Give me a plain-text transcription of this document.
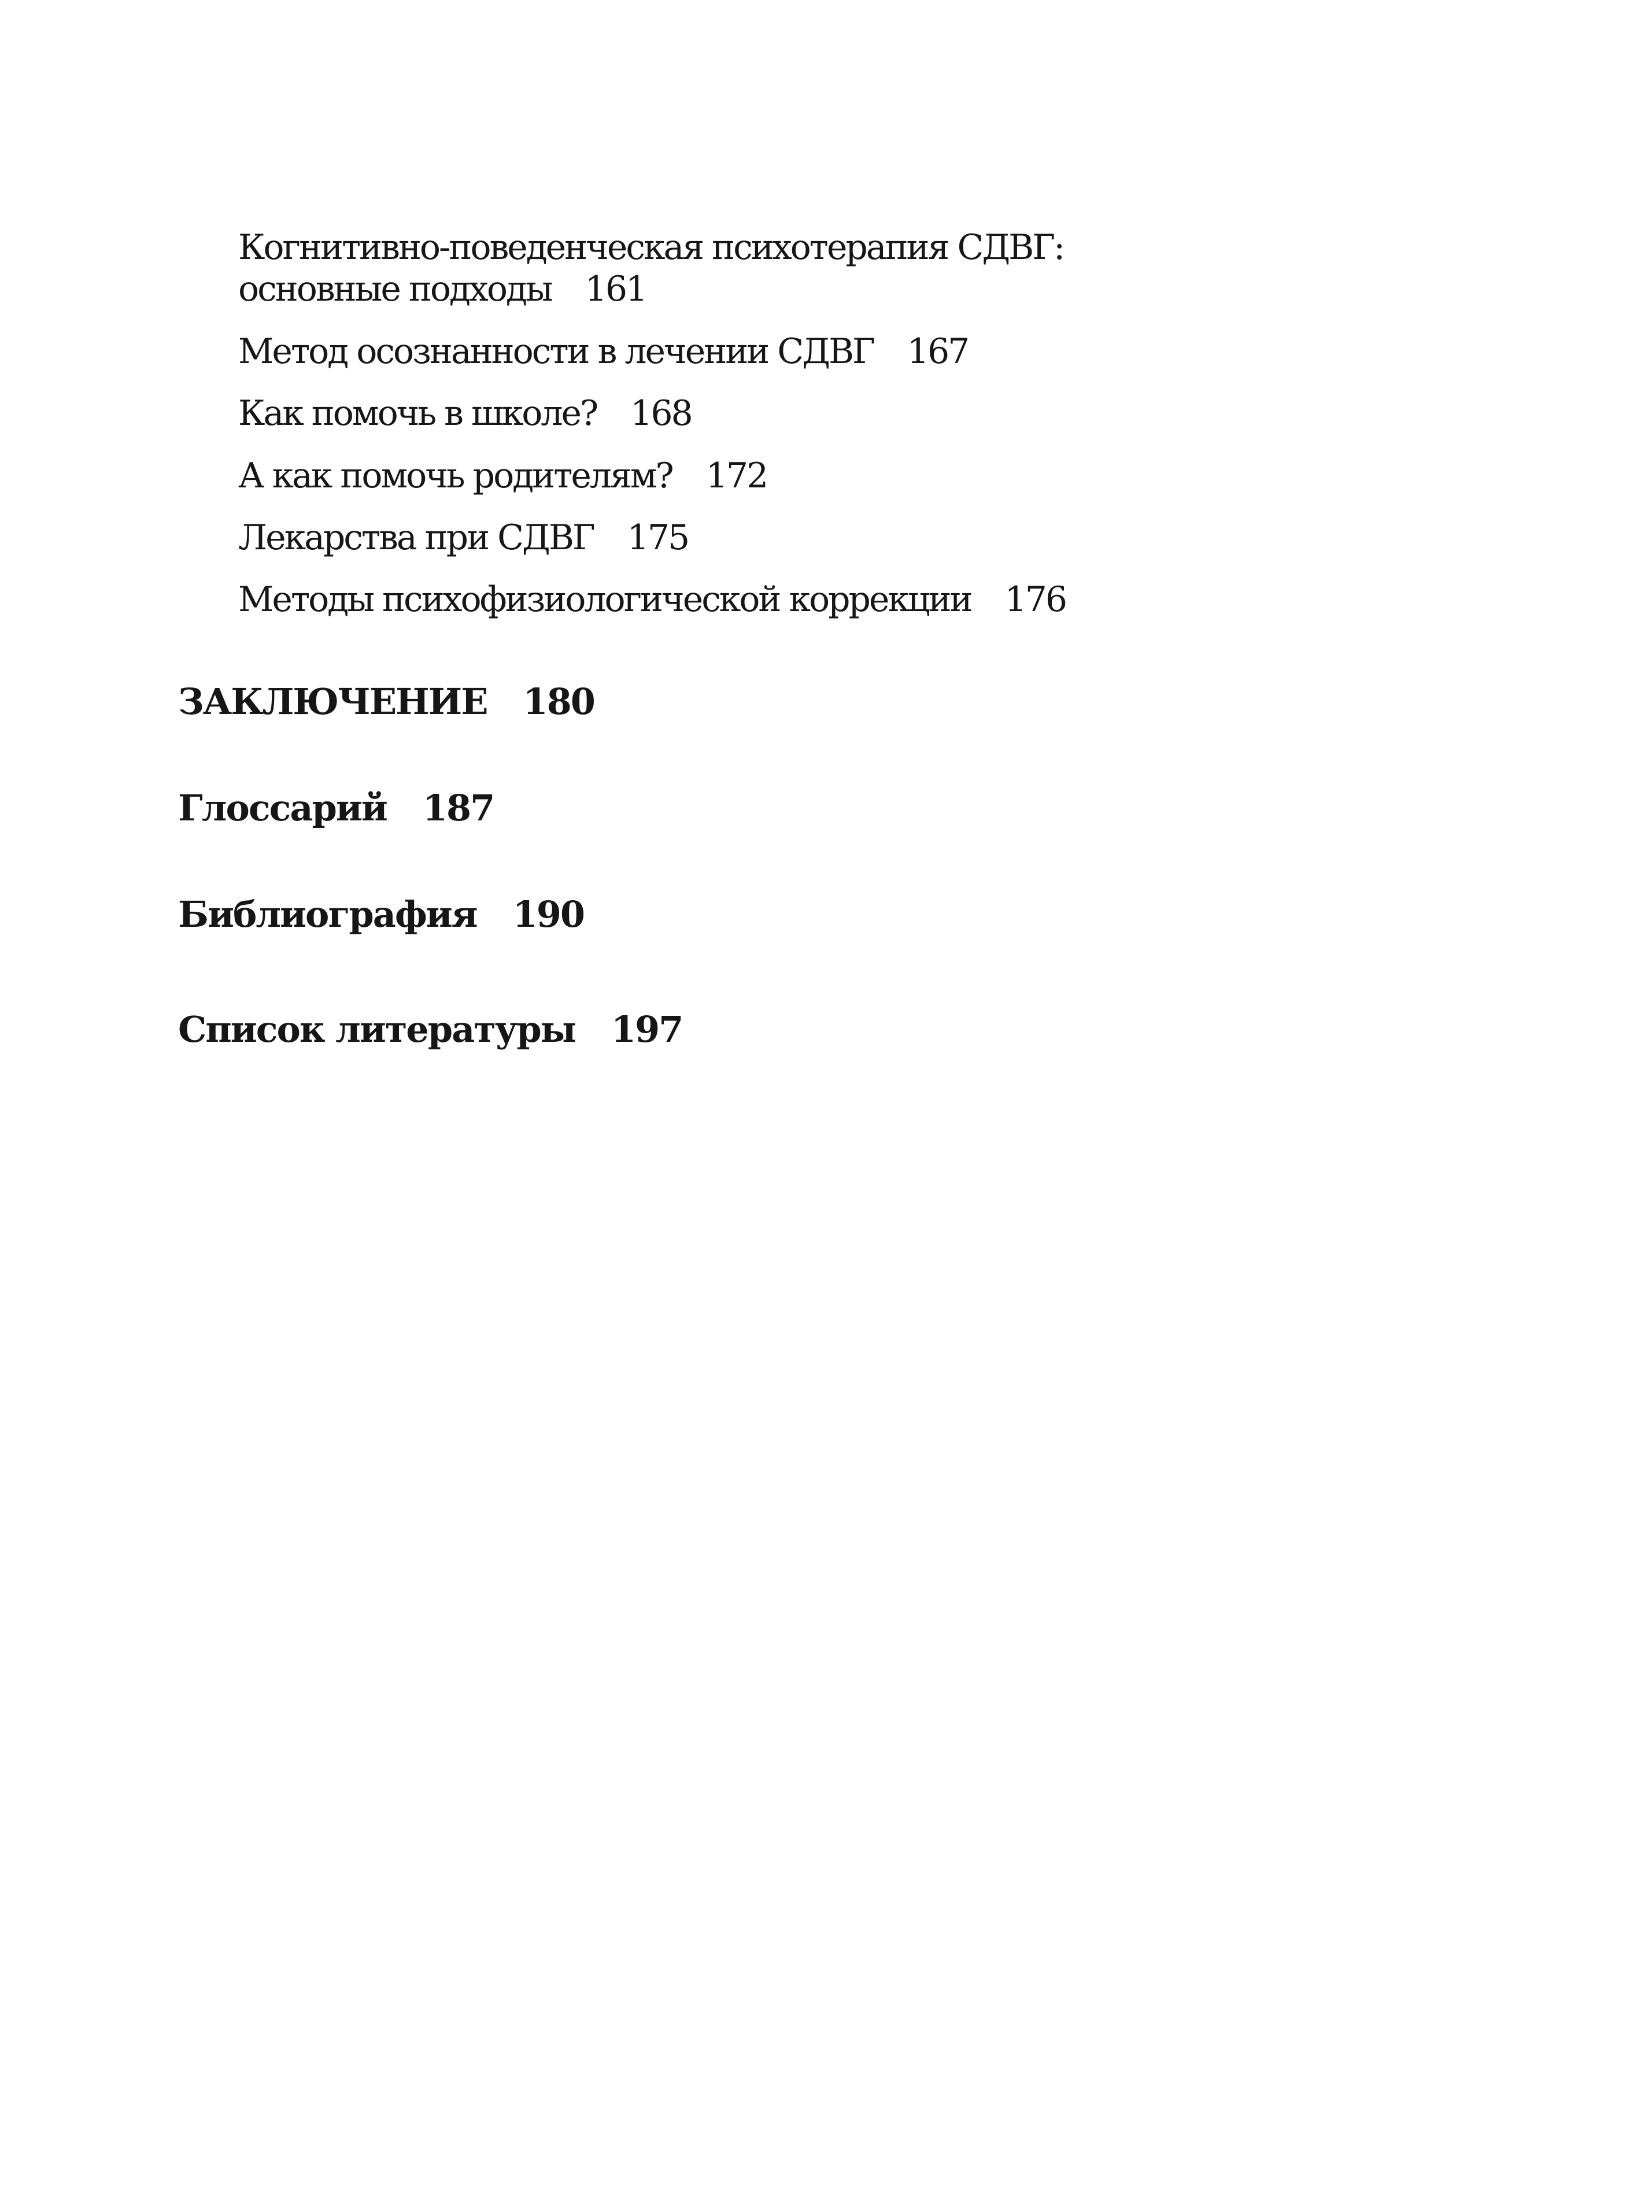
Когнитивно-поведенческая психотерапия СДВГ:
основные подходы 161
Метод осознанности в лечении СДВГ 167
Как помочь в школе? 168
А как помочь родителям? 172
Лекарства при СДВГ 175
Методы психофизиологической коррекции 176
ЗАКЛЮЧЕНИЕ 180
Глоссарий 187
Библиография 190
Список литературы 197
